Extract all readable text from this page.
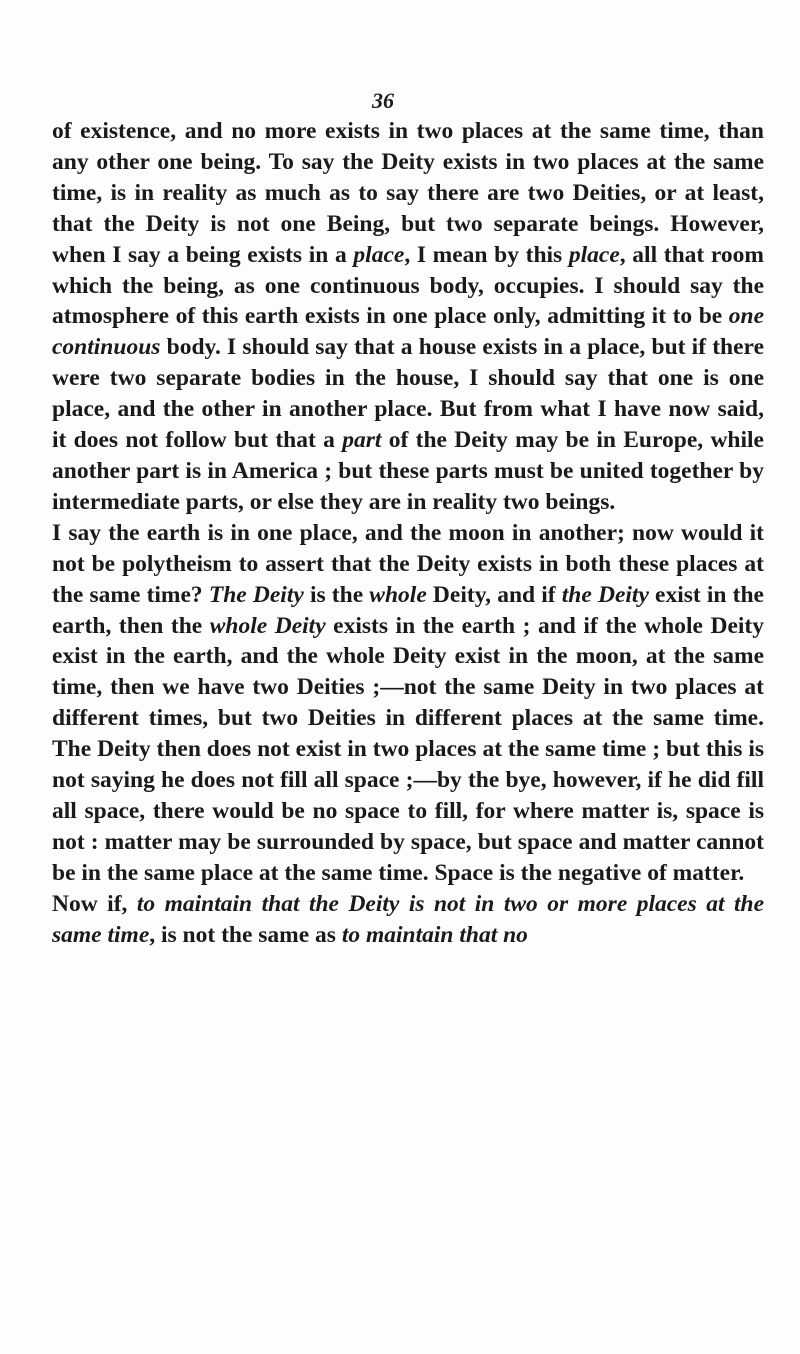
36

of existence, and no more exists in two places at the same time, than any other one being. To say the Deity exists in two places at the same time, is in reality as much as to say there are two Deities, or at least, that the Deity is not one Being, but two separate beings. However, when I say a being exists in a place, I mean by this place, all that room which the being, as one continuous body, occupies. I should say the atmosphere of this earth exists in one place only, admitting it to be one continuous body. I should say that a house exists in a place, but if there were two separate bodies in the house, I should say that one is one place, and the other in another place. But from what I have now said, it does not follow but that a part of the Deity may be in Europe, while another part is in America ; but these parts must be united together by intermediate parts, or else they are in reality two beings.

I say the earth is in one place, and the moon in another; now would it not be polytheism to assert that the Deity exists in both these places at the same time? The Deity is the whole Deity, and if the Deity exist in the earth, then the whole Deity exists in the earth ; and if the whole Deity exist in the earth, and the whole Deity exist in the moon, at the same time, then we have two Deities ;—not the same Deity in two places at different times, but two Deities in different places at the same time. The Deity then does not exist in two places at the same time ; but this is not saying he does not fill all space ;—by the bye, however, if he did fill all space, there would be no space to fill, for where matter is, space is not : matter may be surrounded by space, but space and matter cannot be in the same place at the same time. Space is the negative of matter.

Now if, to maintain that the Deity is not in two or more places at the same time, is not the same as to maintain that no
